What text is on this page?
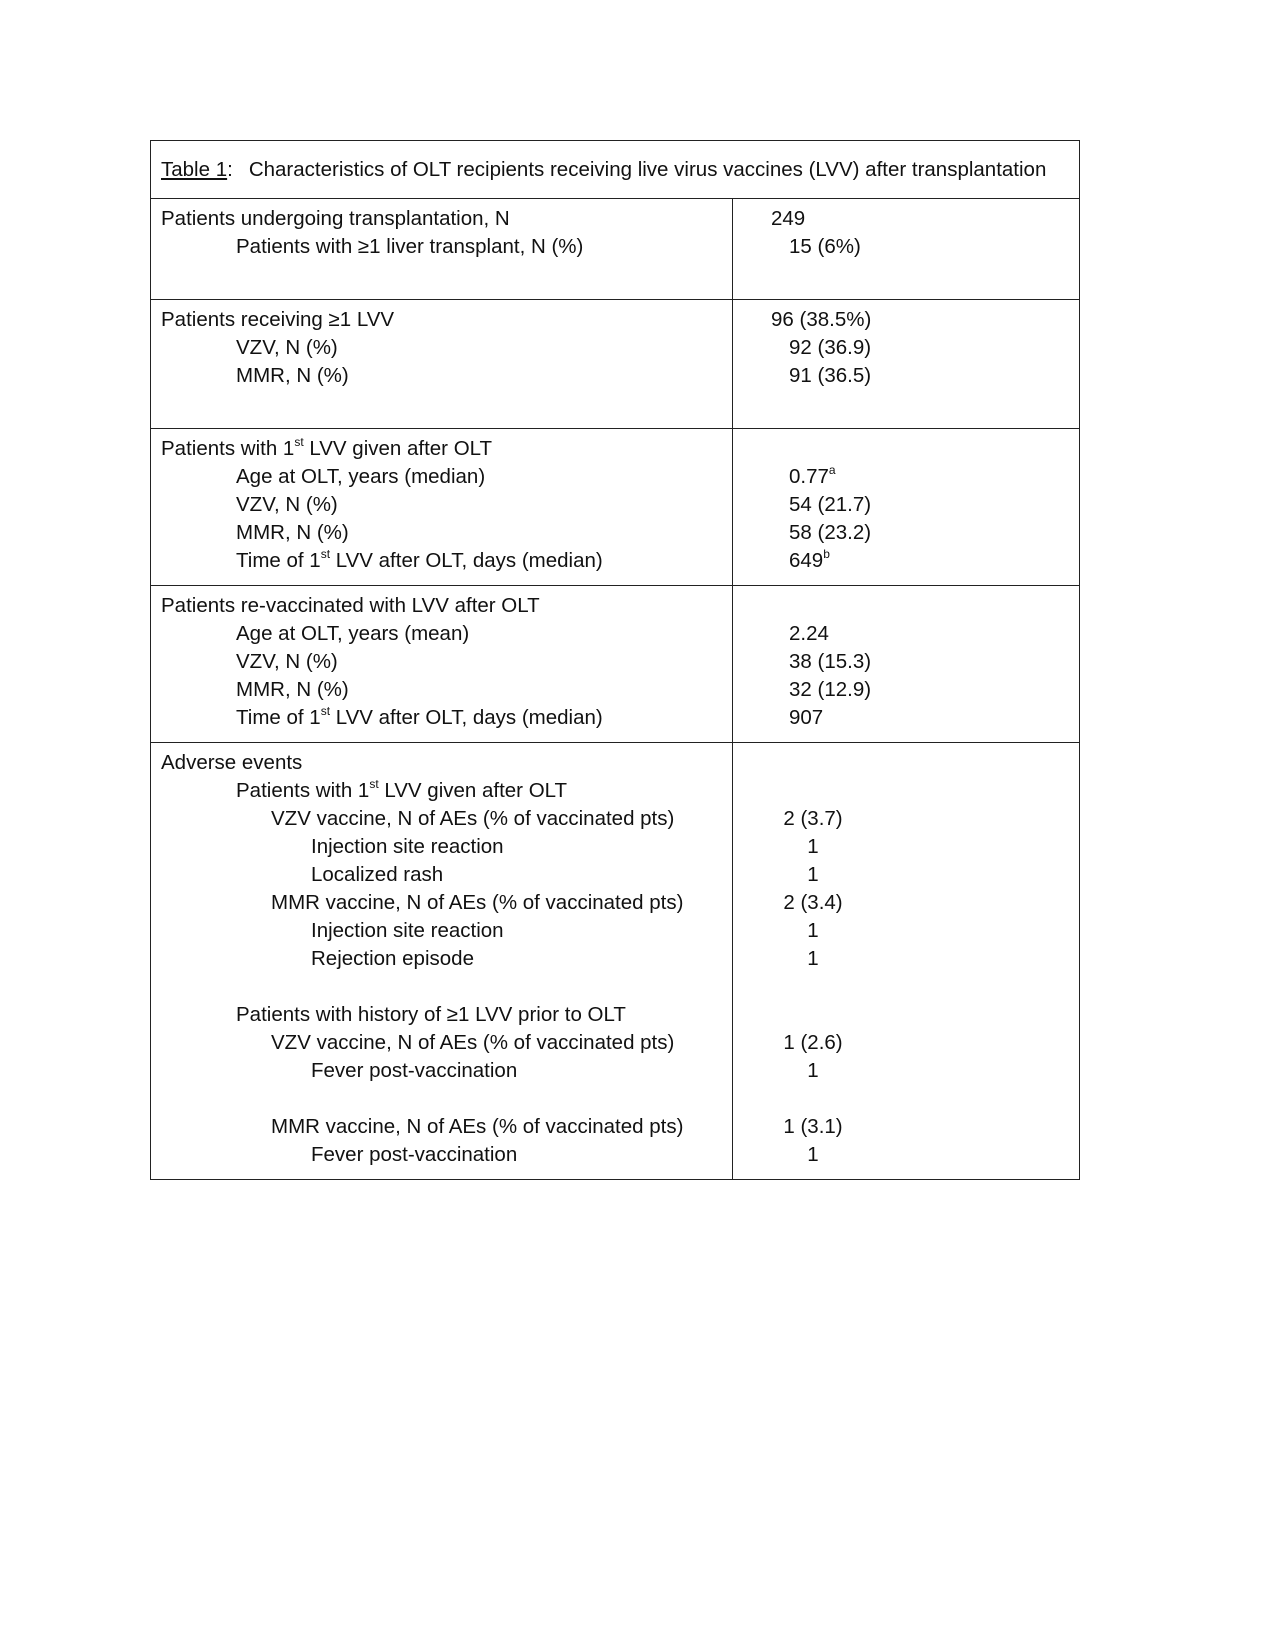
Table 1 : Characteristics of OLT recipients receiving live virus vaccines (LVV) after transplantation
Patients undergoing transplantation, N
Patients with ≥1 liver transplant, N (%)
249
15 (6%)
Patients receiving ≥1 LVV
VZV, N (%)
MMR, N (%)
96 (38.5%)
92 (36.9)
91 (36.5)
Patients with 1st LVV given after OLT
Age at OLT, years (median)
VZV, N (%)
MMR, N (%)
Time of 1st LVV after OLT, days (median)
0.77$^a$
54 (21.7)
58 (23.2)
649$^b$
Patients re-vaccinated with LVV after OLT
Age at OLT, years (mean)
VZV, N (%)
MMR, N (%)
Time of 1st LVV after OLT, days (median)
2.24
38 (15.3)
32 (12.9)
907
Adverse events
Patients with 1st LVV given after OLT
VZV vaccine, N of AEs (% of vaccinated pts)
Injection site reaction
Localized rash
MMR vaccine, N of AEs (% of vaccinated pts)
Injection site reaction
Rejection episode
Patients with history of ≥1 LVV prior to OLT
VZV vaccine, N of AEs (% of vaccinated pts)
Fever post-vaccination
MMR vaccine, N of AEs (% of vaccinated pts)
Fever post-vaccination
2 (3.7)
1
1
2 (3.4)
1
1
1 (2.6)
1
1 (3.1)
1
